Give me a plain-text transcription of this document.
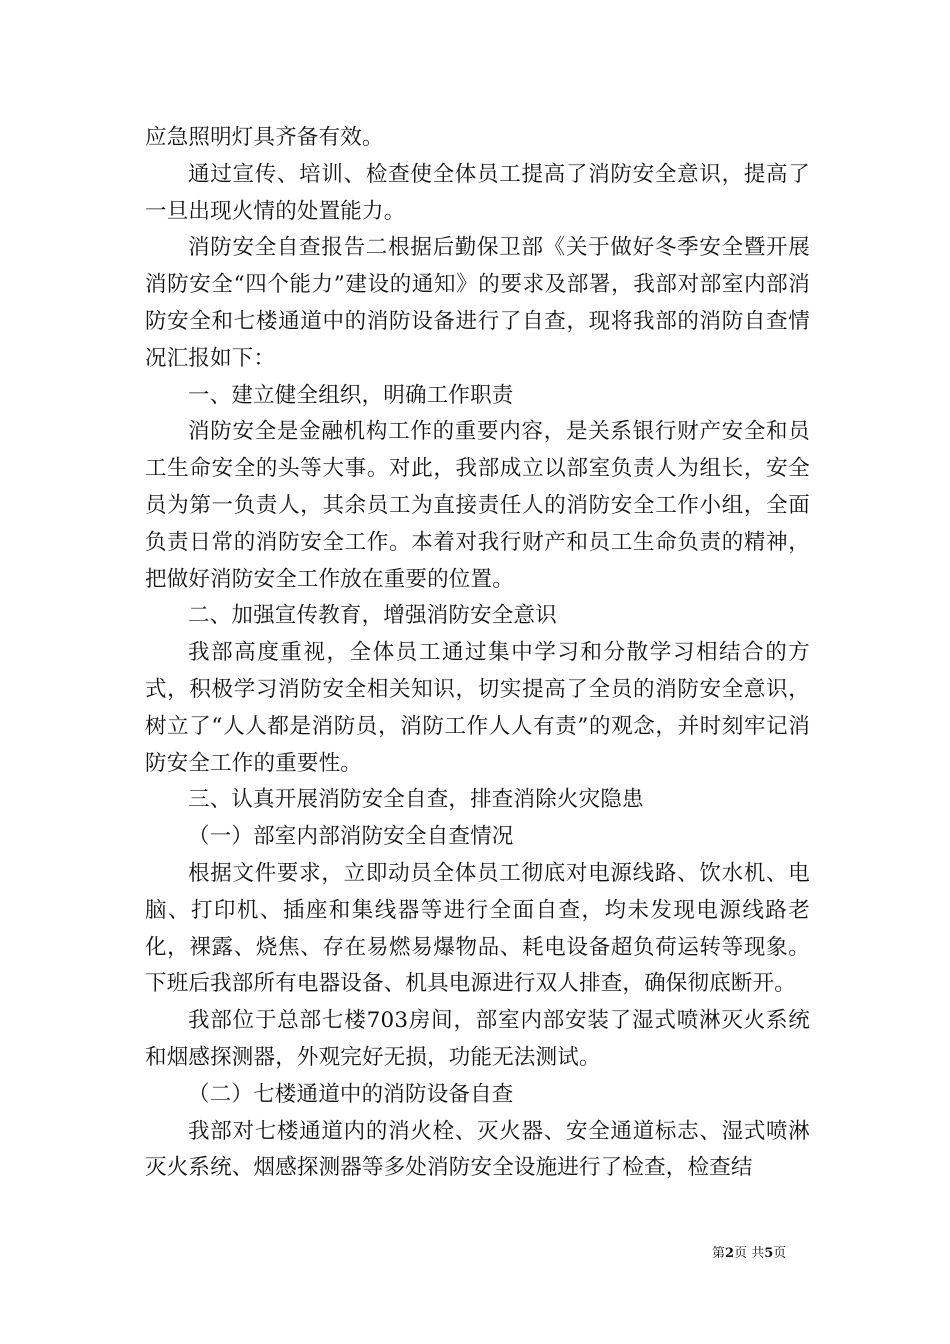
应急照明灯具齐备有效。

通过宣传、培训、检查使全体员工提高了消防安全意识，提高了一旦出现火情的处置能力。

消防安全自查报告二根据后勤保卫部《关于做好冬季安全暨开展消防安全“四个能力”建设的通知》的要求及部署，我部对部室内部消防安全和七楼通道中的消防设备进行了自查，现将我部的消防自查情况汇报如下：

一、建立健全组织，明确工作职责

消防安全是金融机构工作的重要内容，是关系银行财产安全和员工生命安全的头等大事。对此，我部成立以部室负责人为组长，安全员为第一负责人，其余员工为直接责任人的消防安全工作小组，全面负责日常的消防安全工作。本着对我行财产和员工生命负责的精神，把做好消防安全工作放在重要的位置。

二、加强宣传教育，增强消防安全意识

我部高度重视，全体员工通过集中学习和分散学习相结合的方式，积极学习消防安全相关知识，切实提高了全员的消防安全意识，树立了“人人都是消防员，消防工作人人有责”的观念，并时刻牢记消防安全工作的重要性。

三、认真开展消防安全自查，排查消除火灾隐患

（一）部室内部消防安全自查情况

根据文件要求，立即动员全体员工彻底对电源线路、饮水机、电脑、打印机、插座和集线器等进行全面自查，均未发现电源线路老化，裸露、烧焦、存在易燃易爆物品、耗电设备超负荷运转等现象。下班后我部所有电器设备、机具电源进行双人排查，确保彻底断开。

我部位于总部七楼703房间，部室内部安装了湿式喷淋灭火系统和烟感探测器，外观完好无损，功能无法测试。

（二）七楼通道中的消防设备自查

我部对七楼通道内的消火栓、灭火器、安全通道标志、湿式喷淋灭火系统、烟感探测器等多处消防安全设施进行了检查，检查结

第2页 共5页
